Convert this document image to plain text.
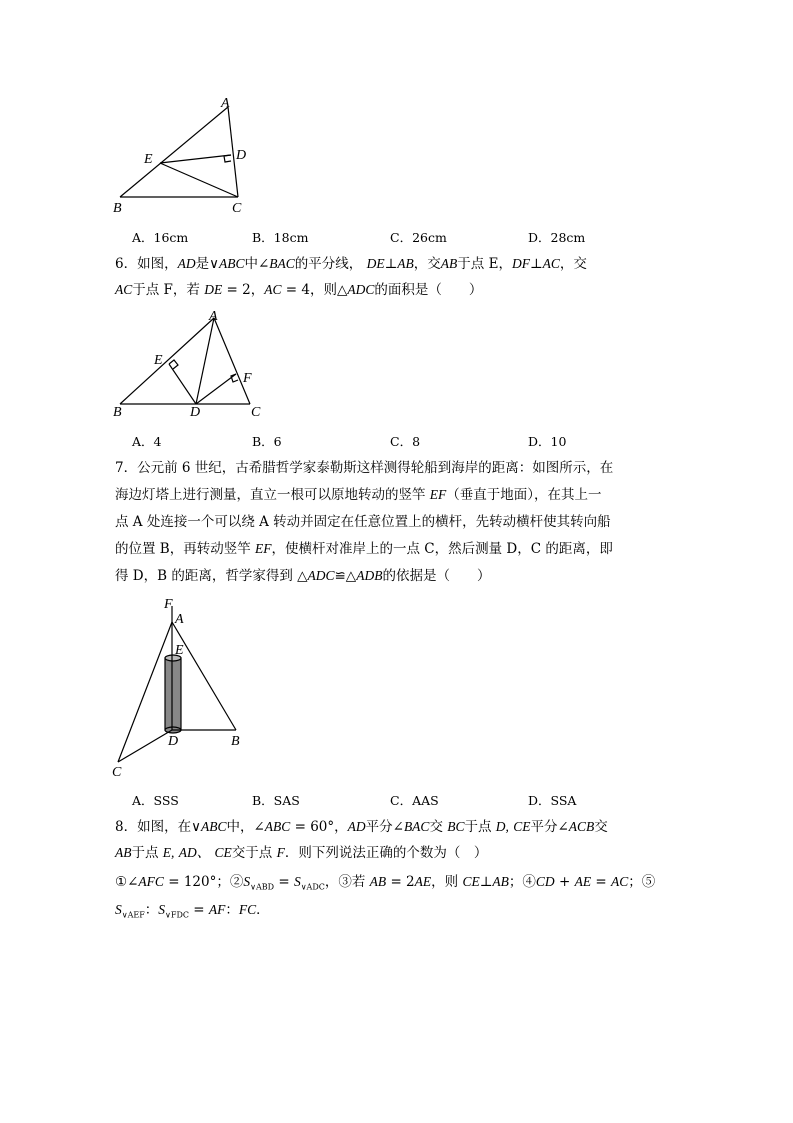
A
E	D
B	C
A．16cm	B．18cm	C．26cm	D．28cm
6．如图，AD是∨ABC中∠BAC的平分线， DE⊥AB，交AB于点 E，DF⊥AC，交
AC于点 F，若 DE = 2，AC = 4，则△ADC的面积是（　　）
A
E
F
B	D	C
A．4	B．6	C．8	D．10
7．公元前 6 世纪，古希腊哲学家泰勒斯这样测得轮船到海岸的距离：如图所示，在
海边灯塔上进行测量，直立一根可以原地转动的竖竿 EF（垂直于地面），在其上一
点 A 处连接一个可以绕 A 转动并固定在任意位置上的横杆，先转动横杆使其转向船
的位置 B，再转动竖竿 EF，使横杆对准岸上的一点 C，然后测量 D，C 的距离，即
得 D，B 的距离，哲学家得到 △ADC≌△ADB的依据是（　　）
F
A
E
D	B
C
A．SSS	B．SAS	C．AAS	D．SSA
8．如图，在∨ABC中，∠ABC = 60°，AD平分∠BAC交 BC于点 D, CE平分∠ACB交
AB于点 E, AD、 CE交于点 F．则下列说法正确的个数为（　）
①∠AFC = 120°；$②S_{\vee ABD} = S_{\vee ADC}$，③若 AB = 2AE，则 CE⊥AB；④CD + AE = AC；⑤
$S_{\vee AEF}$：$S_{\vee FDC}$ = AF：FC．
